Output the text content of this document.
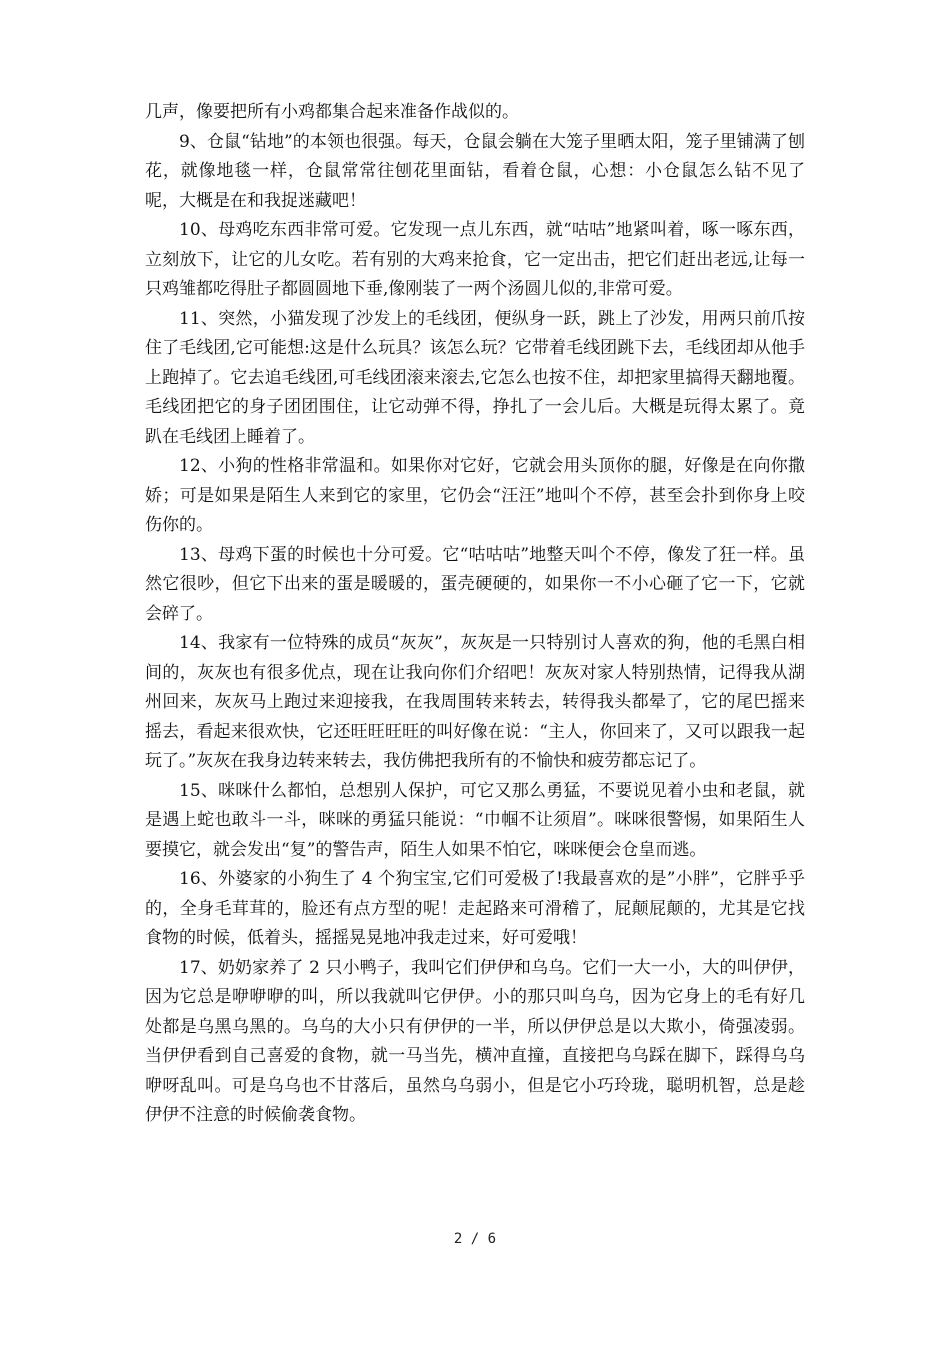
几声，像要把所有小鸡都集合起来准备作战似的。

9、仓鼠“钻地”的本领也很强。每天，仓鼠会躺在大笼子里晒太阳，笼子里铺满了刨花，就像地毯一样，仓鼠常常往刨花里面钻，看着仓鼠，心想：小仓鼠怎么钻不见了呢，大概是在和我捉迷藏吧！

10、母鸡吃东西非常可爱。它发现一点儿东西，就“咕咕”地紧叫着，啄一啄东西，立刻放下，让它的儿女吃。若有别的大鸡来抢食，它一定出击，把它们赶出老远,让每一只鸡雏都吃得肚子都圆圆地下垂,像刚装了一两个汤圆儿似的,非常可爱。

11、突然，小猫发现了沙发上的毛线团，便纵身一跃，跳上了沙发，用两只前爪按住了毛线团,它可能想:这是什么玩具？该怎么玩？它带着毛线团跳下去，毛线团却从他手上跑掉了。它去追毛线团,可毛线团滚来滚去,它怎么也按不住，却把家里搞得天翻地覆。毛线团把它的身子团团围住，让它动弹不得，挣扎了一会儿后。大概是玩得太累了。竟趴在毛线团上睡着了。

12、小狗的性格非常温和。如果你对它好，它就会用头顶你的腿，好像是在向你撒娇；可是如果是陌生人来到它的家里，它仍会“汪汪”地叫个不停，甚至会扑到你身上咬伤你的。

13、母鸡下蛋的时候也十分可爱。它“咕咕咕”地整天叫个不停，像发了狂一样。虽然它很吵，但它下出来的蛋是暖暖的，蛋壳硬硬的，如果你一不小心砸了它一下，它就会碎了。

14、我家有一位特殊的成员“灰灰”，灰灰是一只特别讨人喜欢的狗，他的毛黑白相间的，灰灰也有很多优点，现在让我向你们介绍吧！灰灰对家人特别热情，记得我从湖州回来，灰灰马上跑过来迎接我，在我周围转来转去，转得我头都晕了，它的尾巴摇来摇去，看起来很欢快，它还旺旺旺旺的叫好像在说：“主人，你回来了，又可以跟我一起玩了。”灰灰在我身边转来转去，我仿佛把我所有的不愉快和疲劳都忘记了。

15、咪咪什么都怕，总想别人保护，可它又那么勇猛，不要说见着小虫和老鼠，就是遇上蛇也敢斗一斗，咪咪的勇猛只能说：“巾帼不让须眉”。咪咪很警惕，如果陌生人要摸它，就会发出“复”的警告声，陌生人如果不怕它，咪咪便会仓皇而逃。

16、外婆家的小狗生了 4 个狗宝宝,它们可爱极了!我最喜欢的是”小胖”，它胖乎乎的，全身毛茸茸的，脸还有点方型的呢！走起路来可滑稽了，屁颠屁颠的，尤其是它找食物的时候，低着头，摇摇晃晃地冲我走过来，好可爱哦！

17、奶奶家养了 2 只小鸭子，我叫它们伊伊和乌乌。它们一大一小，大的叫伊伊，因为它总是咿咿咿的叫，所以我就叫它伊伊。小的那只叫乌乌，因为它身上的毛有好几处都是乌黑乌黑的。乌乌的大小只有伊伊的一半，所以伊伊总是以大欺小，倚强凌弱。当伊伊看到自己喜爱的食物，就一马当先，横冲直撞，直接把乌乌踩在脚下，踩得乌乌咿呀乱叫。可是乌乌也不甘落后，虽然乌乌弱小，但是它小巧玲珑，聪明机智，总是趁伊伊不注意的时候偷袭食物。

2 / 6
